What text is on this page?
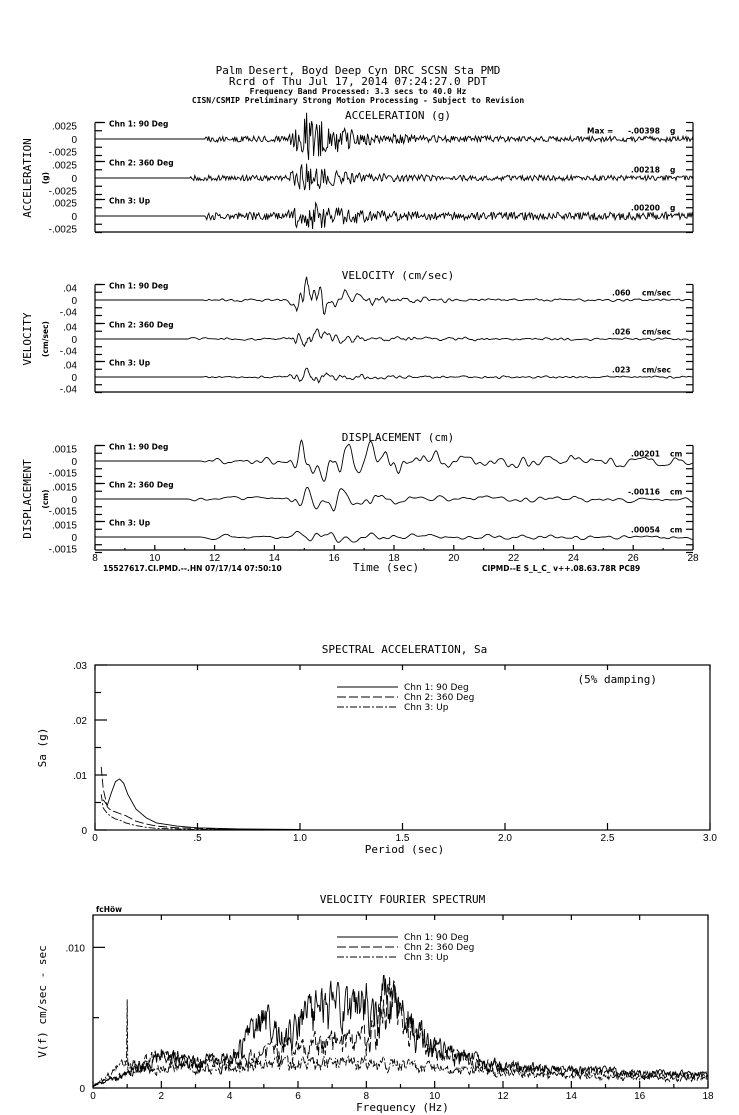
Palm Desert, Boyd Deep Cyn DRC SCSN Sta PMD
Rcrd of Thu Jul 17, 2014 07:24:27.0 PDT
Frequency Band Processed: 3.3 secs to 40.0 Hz
CISN/CSMIP Preliminary Strong Motion Processing - Subject to Revision
ACCELERATION (g)
ACCELERATION (g)
.0025
0
-.0025
Chn 1: 90 Deg
Max = -.00398 g
.0025
0
-.0025
Chn 2: 360 Deg
.00218 g
.0025
0
-.0025
Chn 3: Up
.00200 g
VELOCITY (cm/sec)
VELOCITY (cm/sec)
.04
0
-.04
Chn 1: 90 Deg
.060 cm/sec
.04
0
-.04
Chn 2: 360 Deg
.026 cm/sec
.04
0
-.04
Chn 3: Up
.023 cm/sec
DISPLACEMENT (cm)
DISPLACEMENT (cm)
.0015
0
-.0015
Chn 1: 90 Deg
.00201 cm
.0015
0
-.0015
Chn 2: 360 Deg
-.00116 cm
.0015
0
-.0015
Chn 3: Up
.00054 cm
8	10	12	14	16	18	20	22	24	26	28
15527617.CI.PMD.--.HN 07/17/14 07:50:10	Time (sec)	CIPMD--E S_L_C_ v++.08.63.78R PC89
SPECTRAL ACCELERATION, Sa
0	.5	1.0	1.5	2.0	2.5	3.0
0
.01
.02
.03
(5% damping)
Period (sec)
Sa (g)
Chn 1: 90 Deg
Chn 2: 360 Deg
Chn 3: Up
VELOCITY FOURIER SPECTRUM
0	2	4	6	8	10	12	14	16	18
0
.010
fcHöw
Frequency (Hz)
V(f) cm/sec - sec
Chn 1: 90 Deg
Chn 2: 360 Deg
Chn 3: Up
